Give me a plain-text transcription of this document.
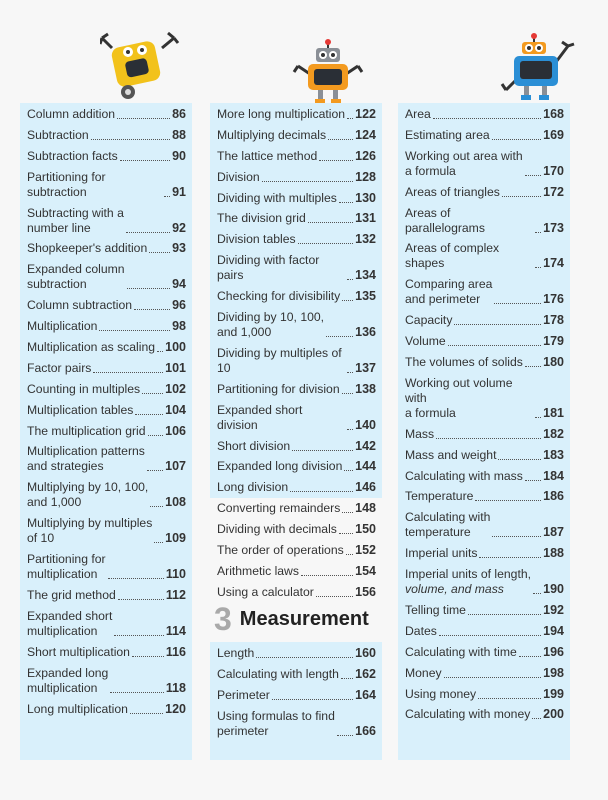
Column addition	86
Subtraction	88
Subtraction facts	90
Partitioning for subtraction	91
Subtracting with a
number line	92
Shopkeeper's addition 93
Expanded column
subtraction	94
Column subtraction	96
Multiplication	98
Multiplication as scaling 100
Factor pairs	101
Counting in multiples 102
Multiplication tables	104
The multiplication grid 106
Multiplication patterns
and strategies	107
Multiplying by 10, 100,
and 1,000	108
Multiplying by multiples
of 10	109
Partitioning for
multiplication	110
The grid method	112
Expanded short
multiplication	114
Short multiplication	116
Expanded long
multiplication	118
Long multiplication	120
More long multiplication 122
Multiplying decimals 124
The lattice method	126
Division	128
Dividing with multiples 130
The division grid	131
Division tables	132
Dividing with factor pairs	134
Checking for divisibility 135
Dividing by 10, 100,
and 1,000	136
Dividing by multiples of 10	137
Partitioning for division 138
Expanded short division	140
Short division	142
Expanded long division 144
Long division	146
Converting remainders 148
Dividing with decimals 150
The order of operations 152
Arithmetic laws	154
Using a calculator	156
3 Measurement
Length	160
Calculating with length 162
Perimeter	164
Using formulas to find
perimeter	166
Area	168
Estimating area	169
Working out area with
a formula	170
Areas of triangles	172
Areas of parallelograms	173
Areas of complex shapes	174
Comparing area
and perimeter	176
Capacity	178
Volume	179
The volumes of solids 180
Working out volume with
a formula	181
Mass	182
Mass and weight	183
Calculating with mass 184
Temperature	186
Calculating with
temperature	187
Imperial units	188
Imperial units of length,
volume, and mass	190
Telling time	192
Dates	194
Calculating with time 196
Money	198
Using money	199
Calculating with money 200
